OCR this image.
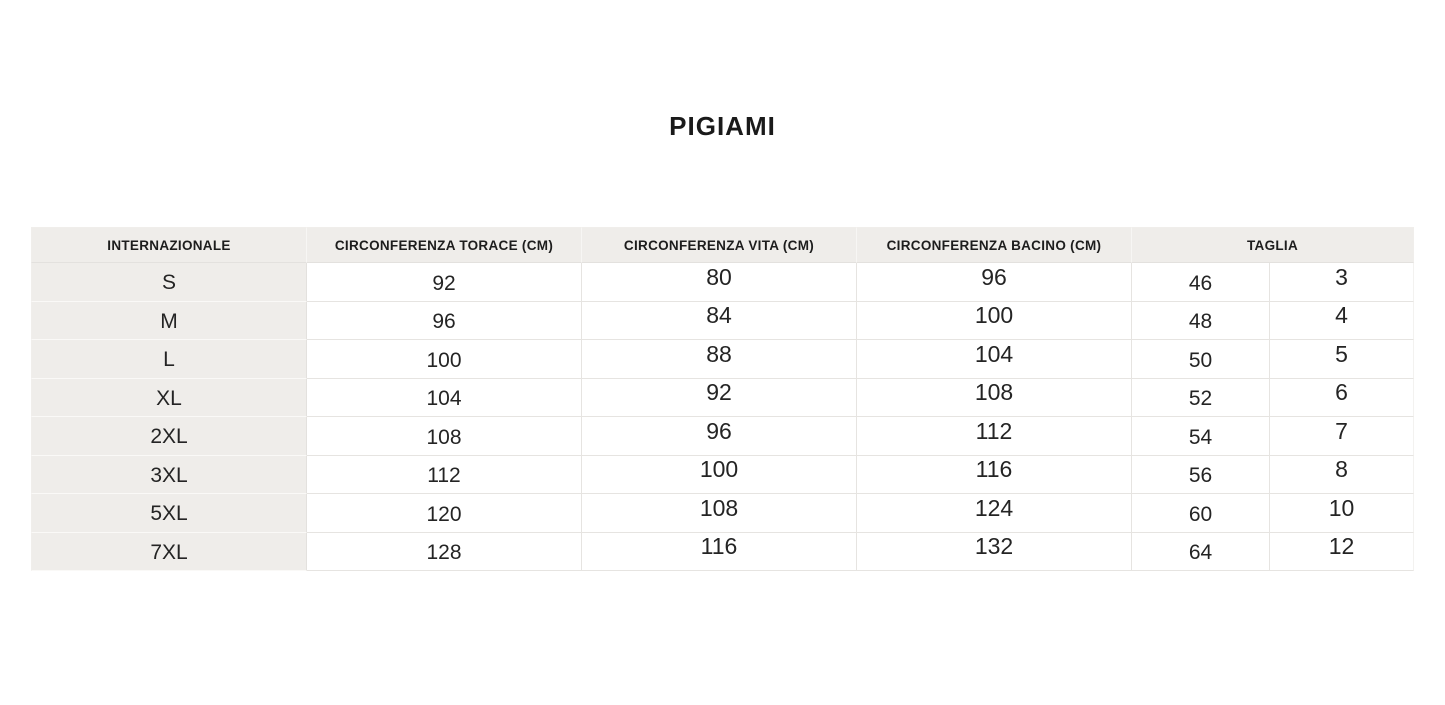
PIGIAMI
INTERNAZIONALE	CIRCONFERENZA TORACE (CM)	CIRCONFERENZA VITA (CM)	CIRCONFERENZA BACINO (CM)	TAGLIA	
S	92	80	96	46	3
M	96	84	100	48	4
L	100	88	104	50	5
XL	104	92	108	52	6
2XL	108	96	112	54	7
3XL	112	100	116	56	8
5XL	120	108	124	60	10
7XL	128	116	132	64	12
